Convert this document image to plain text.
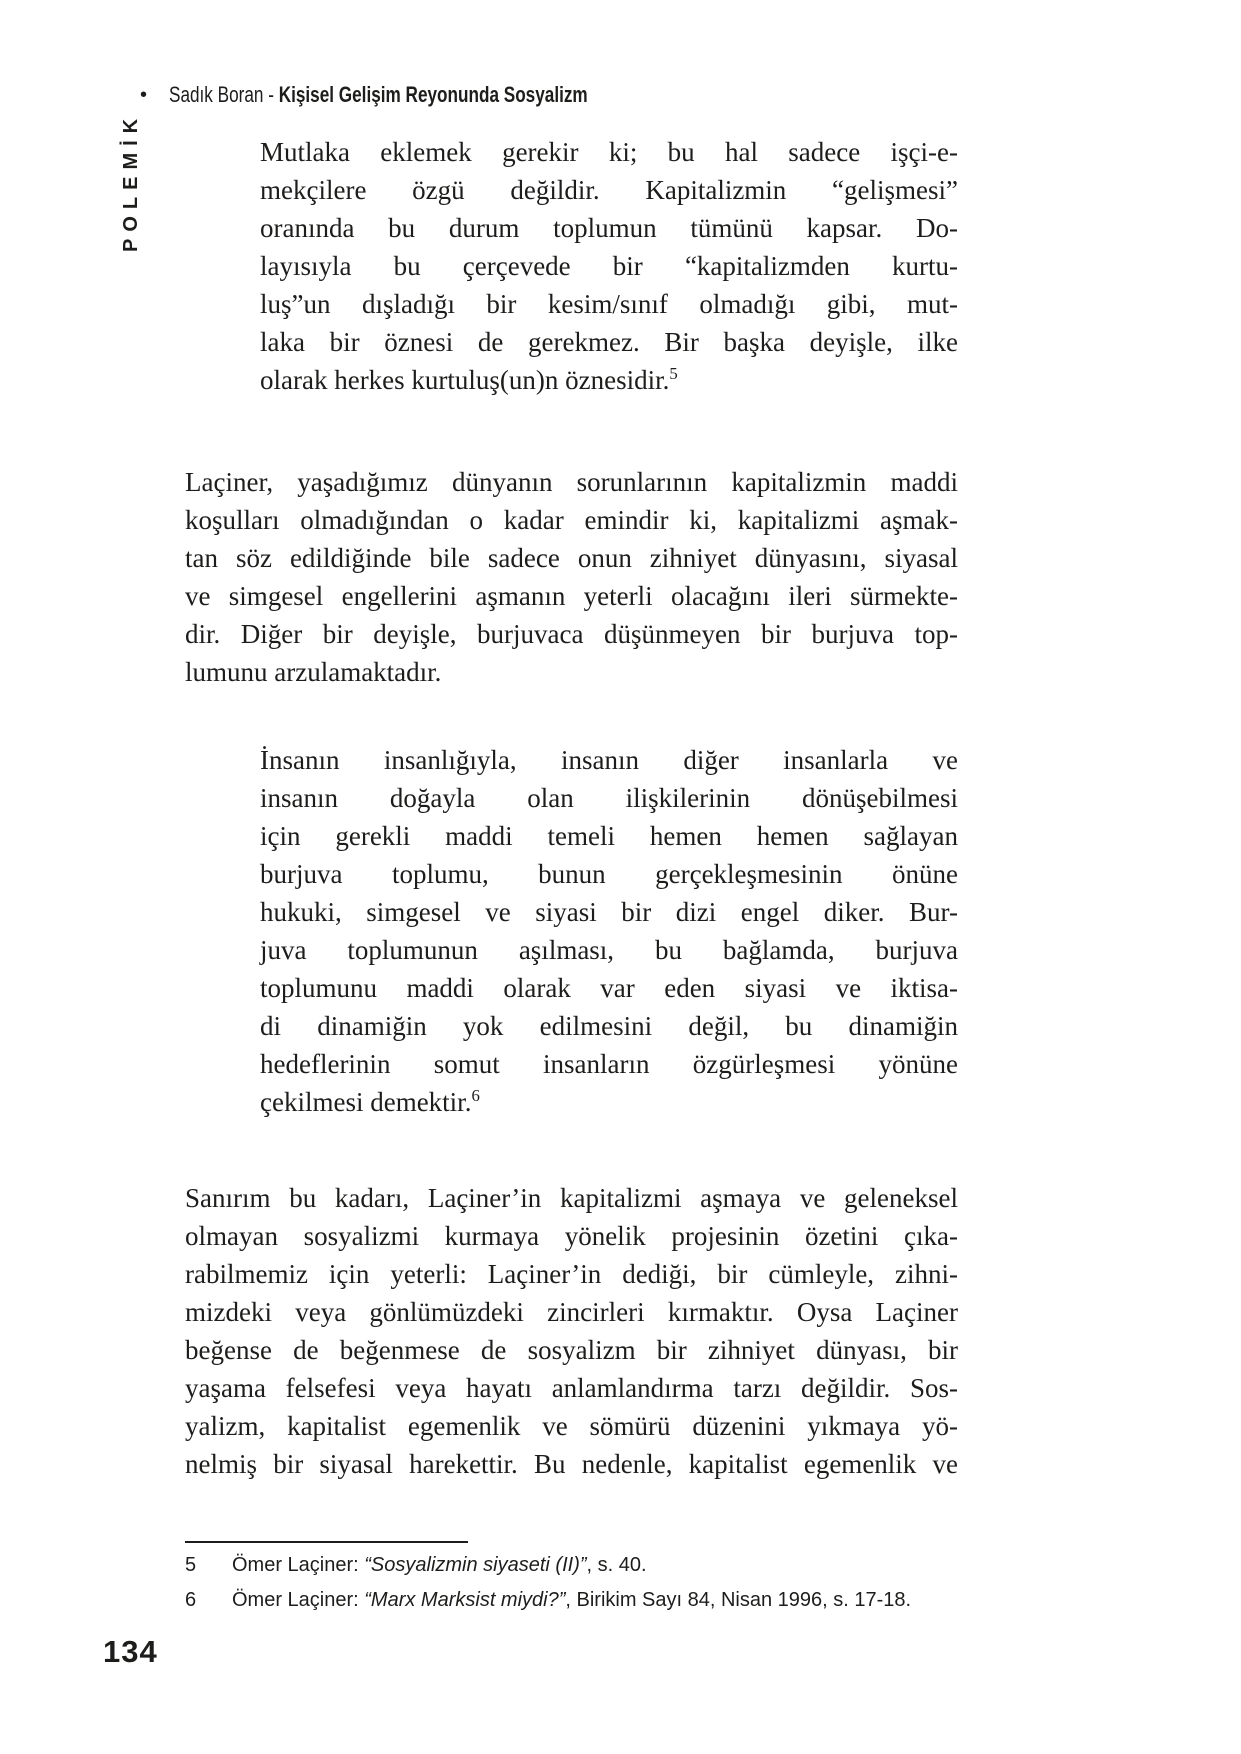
• Sadık Boran - Kişisel Gelişim Reyonunda Sosyalizm
POLEMİK	Mutlaka eklemek gerekir ki; bu hal sadece işçi-e-
mekçilere özgü değildir. Kapitalizmin “gelişmesi”
oranında bu durum toplumun tümünü kapsar. Do-
layısıyla bu çerçevede bir “kapitalizmden kurtu-
luş”un dışladığı bir kesim/sınıf olmadığı gibi, mut-
laka bir öznesi de gerekmez. Bir başka deyişle, ilke
olarak herkes kurtuluş(un)n öznesidir.$^5$
Laçiner, yaşadığımız dünyanın sorunlarının kapitalizmin maddi
koşulları olmadığından o kadar emindir ki, kapitalizmi aşmak-
tan söz edildiğinde bile sadece onun zihniyet dünyasını, siyasal
ve simgesel engellerini aşmanın yeterli olacağını ileri sürmekte-
dir. Diğer bir deyişle, burjuvaca düşünmeyen bir burjuva top-
lumunu arzulamaktadır.
İnsanın insanlığıyla, insanın diğer insanlarla ve
insanın doğayla olan ilişkilerinin dönüşebilmesi
için gerekli maddi temeli hemen hemen sağlayan
burjuva toplumu, bunun gerçekleşmesinin önüne
hukuki, simgesel ve siyasi bir dizi engel diker. Bur-
juva toplumunun aşılması, bu bağlamda, burjuva
toplumunu maddi olarak var eden siyasi ve iktisa-
di dinamiğin yok edilmesini değil, bu dinamiğin
hedeflerinin somut insanların özgürleşmesi yönüne
çekilmesi demektir.$^6$
Sanırım bu kadarı, Laçiner’in kapitalizmi aşmaya ve geleneksel
olmayan sosyalizmi kurmaya yönelik projesinin özetini çıka-
rabilmemiz için yeterli: Laçiner’in dediği, bir cümleyle, zihni-
mizdeki veya gönlümüzdeki zincirleri kırmaktır. Oysa Laçiner
beğense de beğenmese de sosyalizm bir zihniyet dünyası, bir
yaşama felsefesi veya hayatı anlamlandırma tarzı değildir. Sos-
yalizm, kapitalist egemenlik ve sömürü düzenini yıkmaya yö-
nelmiş bir siyasal harekettir. Bu nedenle, kapitalist egemenlik ve
5	Ömer Laçiner: “Sosyalizmin siyaseti (II)”, s. 40.
6	Ömer Laçiner: “Marx Marksist miydi?”, Birikim Sayı 84, Nisan 1996, s. 17-18.
134
